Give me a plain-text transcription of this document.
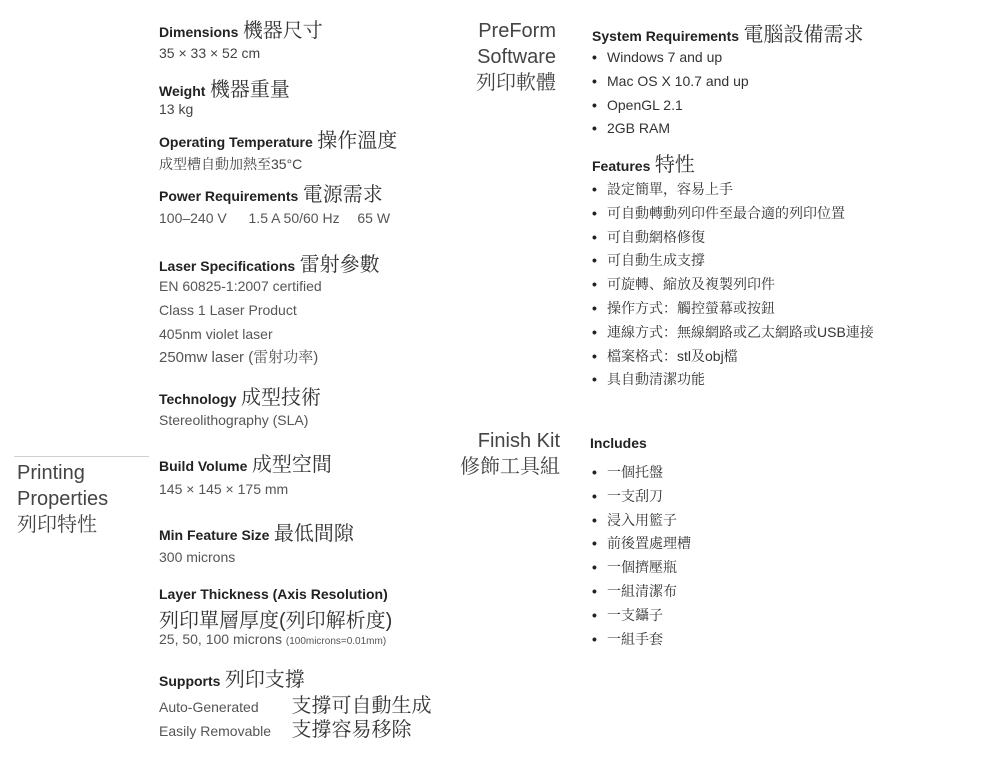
Printing
Properties
列印特性
Dimensions 機器尺寸
35 × 33 × 52 cm
Weight 機器重量
13 kg
Operating Temperature 操作溫度
成型槽自動加熱至35°C
Power Requirements 電源需求
100–240 V 1.5 A 50/60 Hz 65 W
Laser Specifications 雷射參數
EN 60825-1:2007 certified
Class 1 Laser Product
405nm violet laser
250mw laser (雷射功率)
Technology 成型技術
Stereolithography (SLA)
Build Volume 成型空間
145 × 145 × 175 mm
Min Feature Size 最低間隙
300 microns
Layer Thickness (Axis Resolution)
列印單層厚度(列印解析度)
25, 50, 100 microns (100microns=0.01mm)
Supports 列印支撐
Auto-Generated 支撐可自動生成
Easily Removable 支撐容易移除
PreForm
Software
列印軟體
Finish Kit
修飾工具組
System Requirements 電腦設備需求
• Windows 7 and up
• Mac OS X 10.7 and up
• OpenGL 2.1
• 2GB RAM
Features 特性
• 設定簡單，容易上手
• 可自動轉動列印件至最合適的列印位置
• 可自動網格修復
• 可自動生成支撐
• 可旋轉、縮放及複製列印件
• 操作方式：觸控螢幕或按鈕
• 連線方式：無線網路或乙太網路或USB連接
• 檔案格式：stl及obj檔
• 具自動清潔功能
Includes
• 一個托盤
• 一支刮刀
• 浸入用籃子
• 前後置處理槽
• 一個擠壓瓶
• 一組清潔布
• 一支鑷子
• 一組手套
